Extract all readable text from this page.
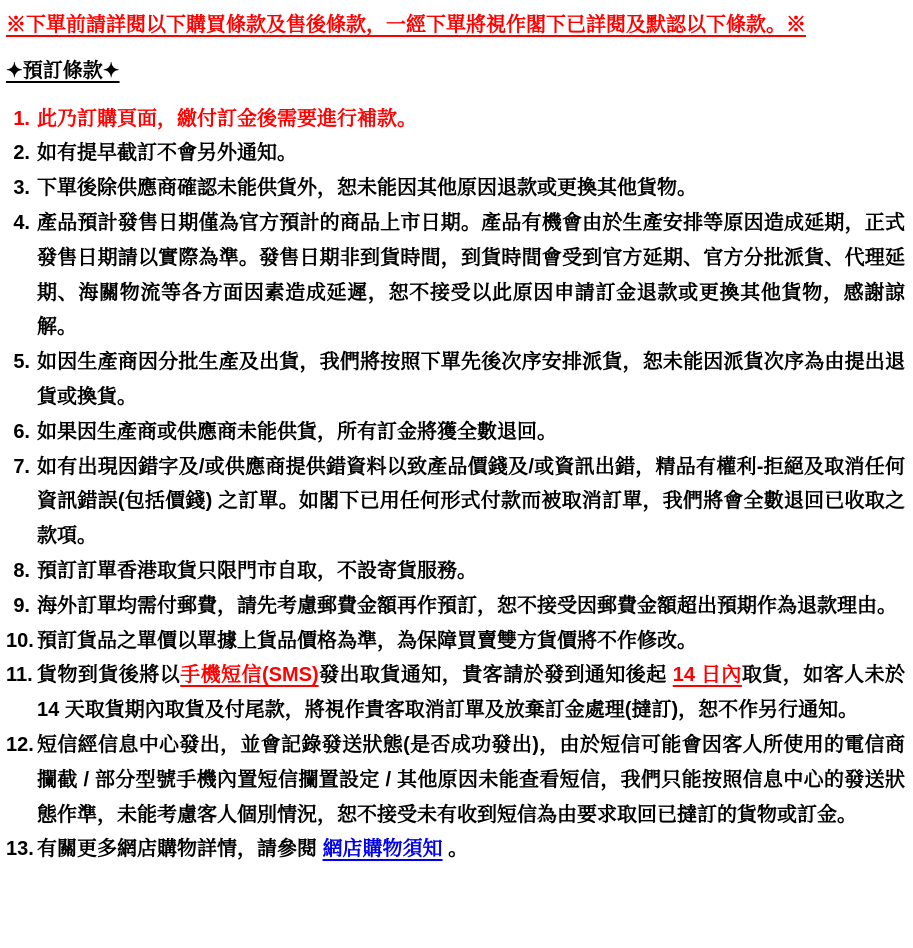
※下單前請詳閱以下購買條款及售後條款，一經下單將視作閣下已詳閱及默認以下條款。※
✦預訂條款✦
1. 此乃訂購頁面，繳付訂金後需要進行補款。
2. 如有提早截訂不會另外通知。
3. 下單後除供應商確認未能供貨外，恕未能因其他原因退款或更換其他貨物。
4. 產品預計發售日期僅為官方預計的商品上市日期。產品有機會由於生產安排等原因造成延期，正式發售日期請以實際為準。發售日期非到貨時間，到貨時間會受到官方延期、官方分批派貨、代理延期、海關物流等各方面因素造成延遲，恕不接受以此原因申請訂金退款或更換其他貨物，感謝諒解。
5. 如因生產商因分批生產及出貨，我們將按照下單先後次序安排派貨，恕未能因派貨次序為由提出退貨或換貨。
6. 如果因生產商或供應商未能供貨，所有訂金將獲全數退回。
7. 如有出現因錯字及/或供應商提供錯資料以致產品價錢及/或資訊出錯，精品有權利-拒絕及取消任何資訊錯誤(包括價錢) 之訂單。如閣下已用任何形式付款而被取消訂單，我們將會全數退回已收取之款項。
8. 預訂訂單香港取貨只限門市自取，不設寄貨服務。
9. 海外訂單均需付郵費，請先考慮郵費金額再作預訂，恕不接受因郵費金額超出預期作為退款理由。
10. 預訂貨品之單價以單據上貨品價格為準，為保障買賣雙方貨價將不作修改。
11. 貨物到貨後將以手機短信(SMS)發出取貨通知，貴客請於發到通知後起 14 日內取貨，如客人未於 14 天取貨期內取貨及付尾款，將視作貴客取消訂單及放棄訂金處理(撻訂)，恕不作另行通知。
12. 短信經信息中心發出，並會記錄發送狀態(是否成功發出)，由於短信可能會因客人所使用的電信商攔截 / 部分型號手機內置短信攔置設定 / 其他原因未能查看短信，我們只能按照信息中心的發送狀態作準，未能考慮客人個別情況，恕不接受未有收到短信為由要求取回已撻訂的貨物或訂金。
13. 有關更多網店購物詳情，請參閱 網店購物須知 。
